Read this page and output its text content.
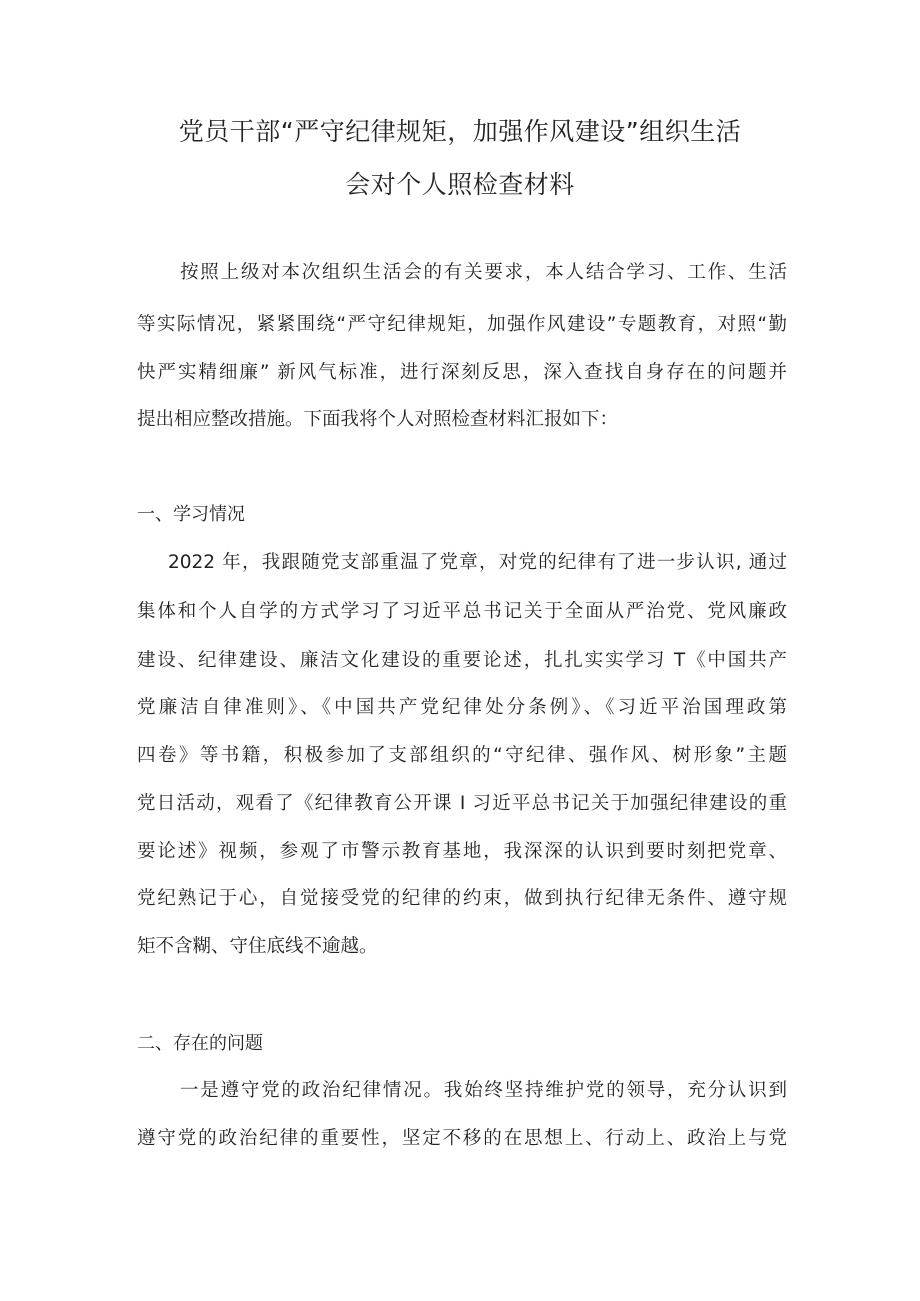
党员干部“严守纪律规矩，加强作风建设”组织生活
会对个人照检查材料

按照上级对本次组织生活会的有关要求，本人结合学习、工作、生活

等实际情况，紧紧围绕“严守纪律规矩，加强作风建设”专题教育，对照“勤

快严实精细廉” 新风气标准，进行深刻反思，深入查找自身存在的问题并

提出相应整改措施。下面我将个人对照检查材料汇报如下：

一、学习情况

2022 年，我跟随党支部重温了党章，对党的纪律有了进一步认识, 通过

集体和个人自学的方式学习了习近平总书记关于全面从严治党、党风廉政

建设、纪律建设、廉洁文化建设的重要论述，扎扎实实学习 T《中国共产

党廉洁自律准则》、《中国共产党纪律处分条例》、《习近平治国理政第

四卷》等书籍，积极参加了支部组织的“守纪律、强作风、树形象”主题

党日活动，观看了《纪律教育公开课 I 习近平总书记关于加强纪律建设的重

要论述》视频，参观了市警示教育基地，我深深的认识到要时刻把党章、

党纪熟记于心，自觉接受党的纪律的约束，做到执行纪律无条件、遵守规

矩不含糊、守住底线不逾越。

二、存在的问题

一是遵守党的政治纪律情况。我始终坚持维护党的领导，充分认识到

遵守党的政治纪律的重要性，坚定不移的在思想上、行动上、政治上与党
